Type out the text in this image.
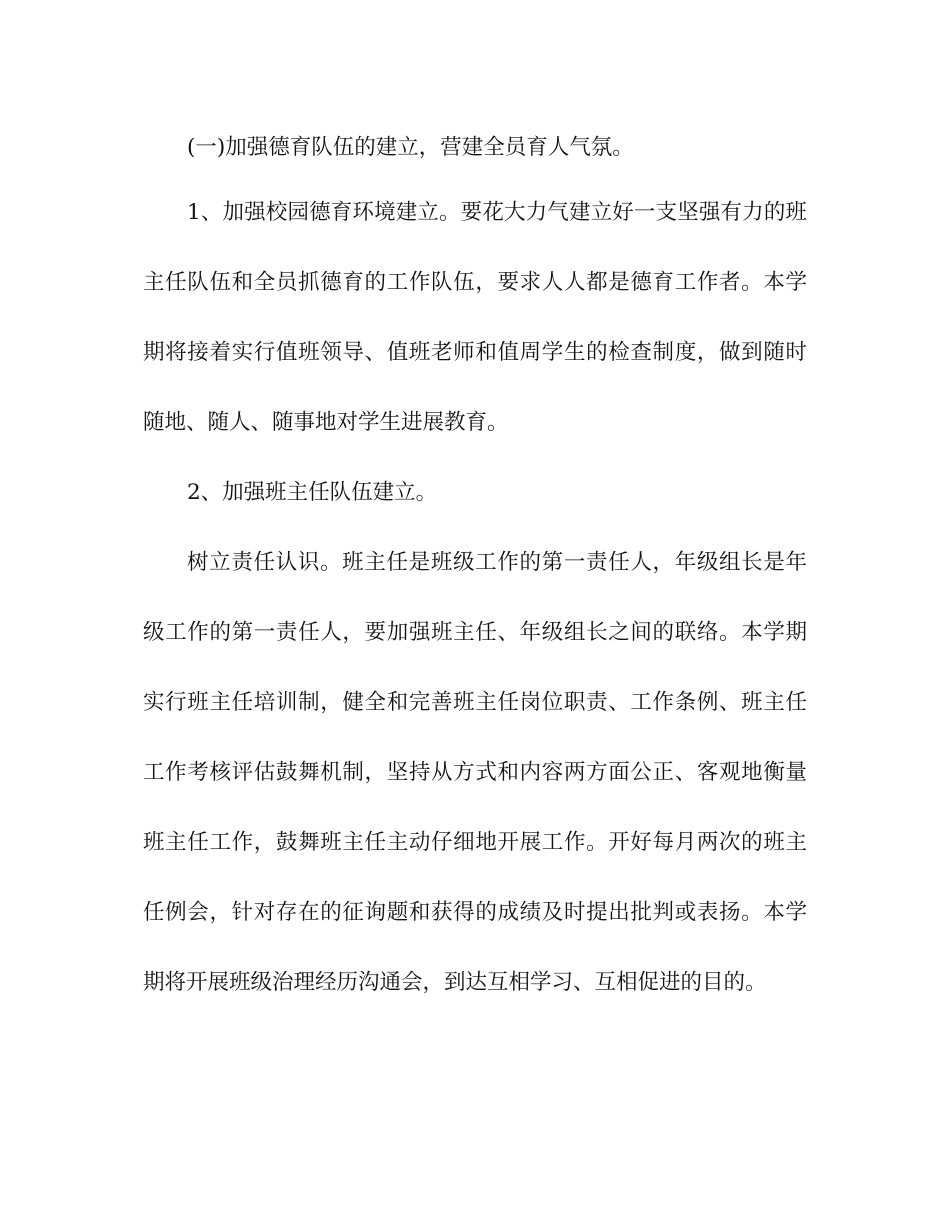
(一)加强德育队伍的建立，营建全员育人气氛。
1、加强校园德育环境建立。要花大力气建立好一支坚强有力的班
主任队伍和全员抓德育的工作队伍，要求人人都是德育工作者。本学
期将接着实行值班领导、值班老师和值周学生的检查制度，做到随时
随地、随人、随事地对学生进展教育。
2、加强班主任队伍建立。
树立责任认识。班主任是班级工作的第一责任人，年级组长是年
级工作的第一责任人，要加强班主任、年级组长之间的联络。本学期
实行班主任培训制，健全和完善班主任岗位职责、工作条例、班主任
工作考核评估鼓舞机制，坚持从方式和内容两方面公正、客观地衡量
班主任工作，鼓舞班主任主动仔细地开展工作。开好每月两次的班主
任例会，针对存在的征询题和获得的成绩及时提出批判或表扬。本学
期将开展班级治理经历沟通会，到达互相学习、互相促进的目的。
